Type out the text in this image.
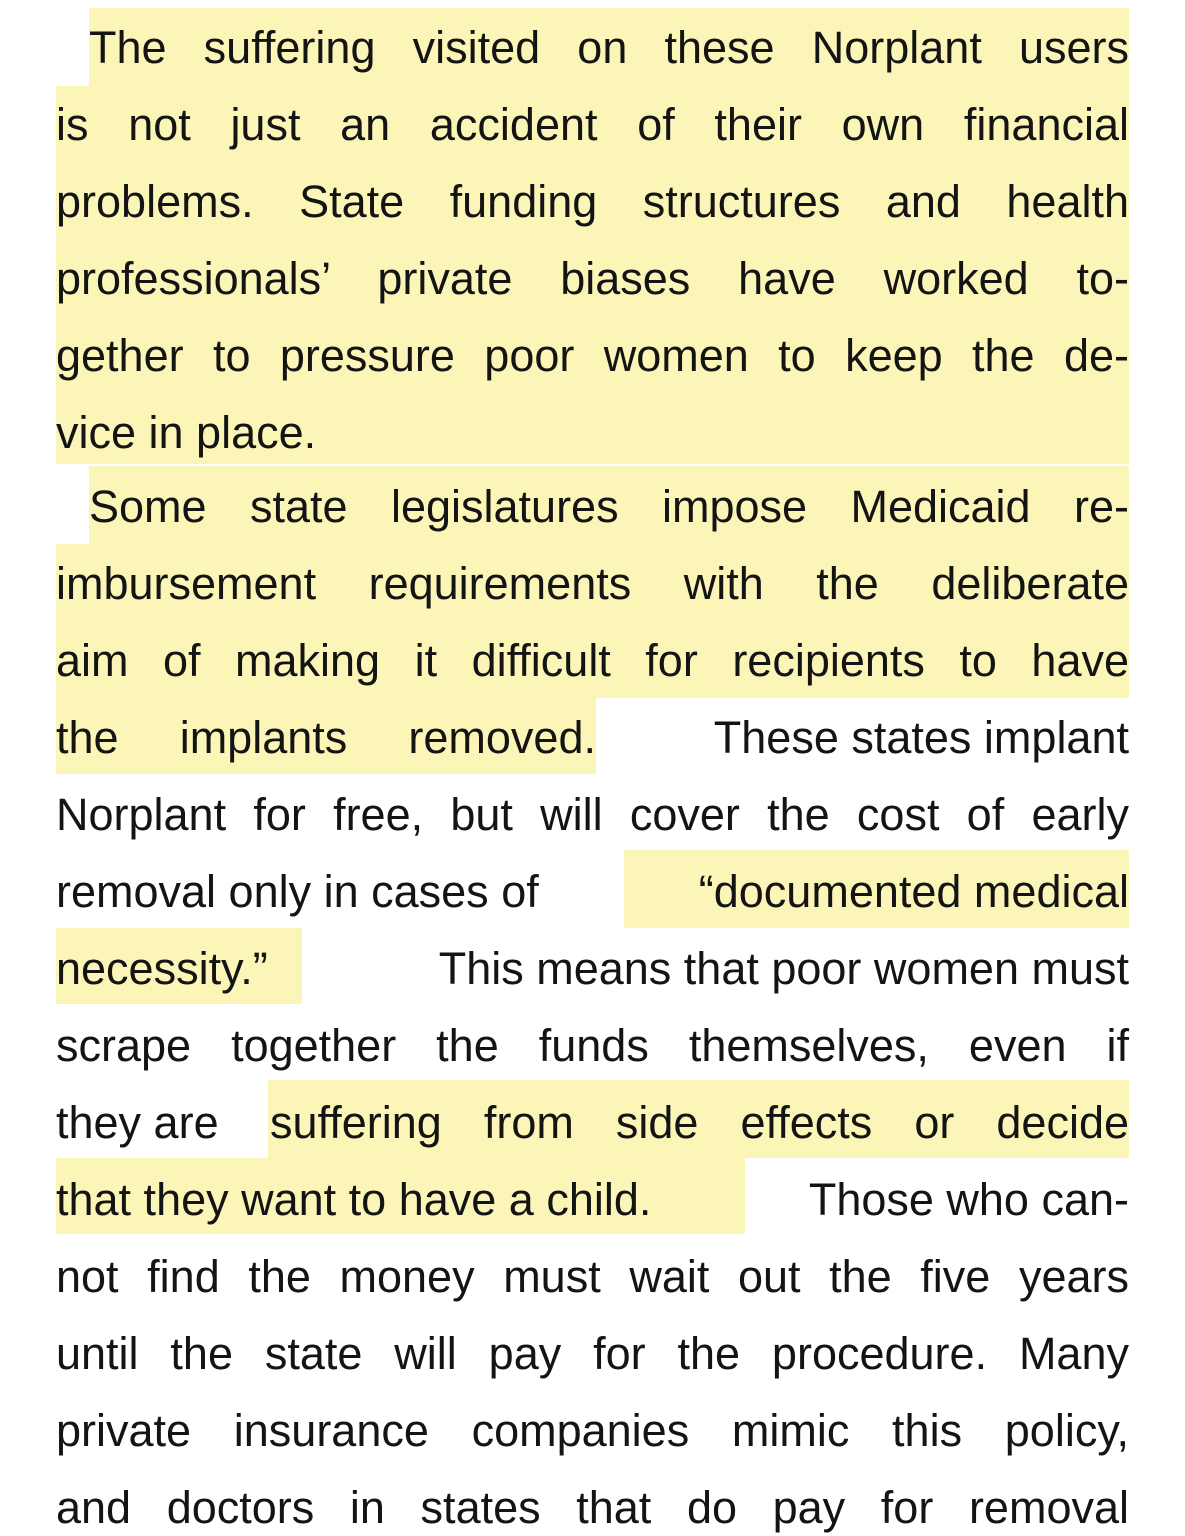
The suffering visited on these Norplant users
is not just an accident of their own financial
problems. State funding structures and health
professionals’ private biases have worked to-
gether to pressure poor women to keep the de-
vice in place.
Some state legislatures impose Medicaid re-
imbursement requirements with the deliberate
aim of making it difficult for recipients to have
the implants removed.	These states implant
Norplant for free, but will cover the cost of early
removal only in cases of	“documented medical
necessity.”	This means that poor women must
scrape together the funds themselves, even if
they are suffering from side effects or decide
that they want to have a child.	Those who can-
not find the money must wait out the five years
until the state will pay for the procedure. Many
private insurance companies mimic this policy,
and doctors in states that do pay for removal
